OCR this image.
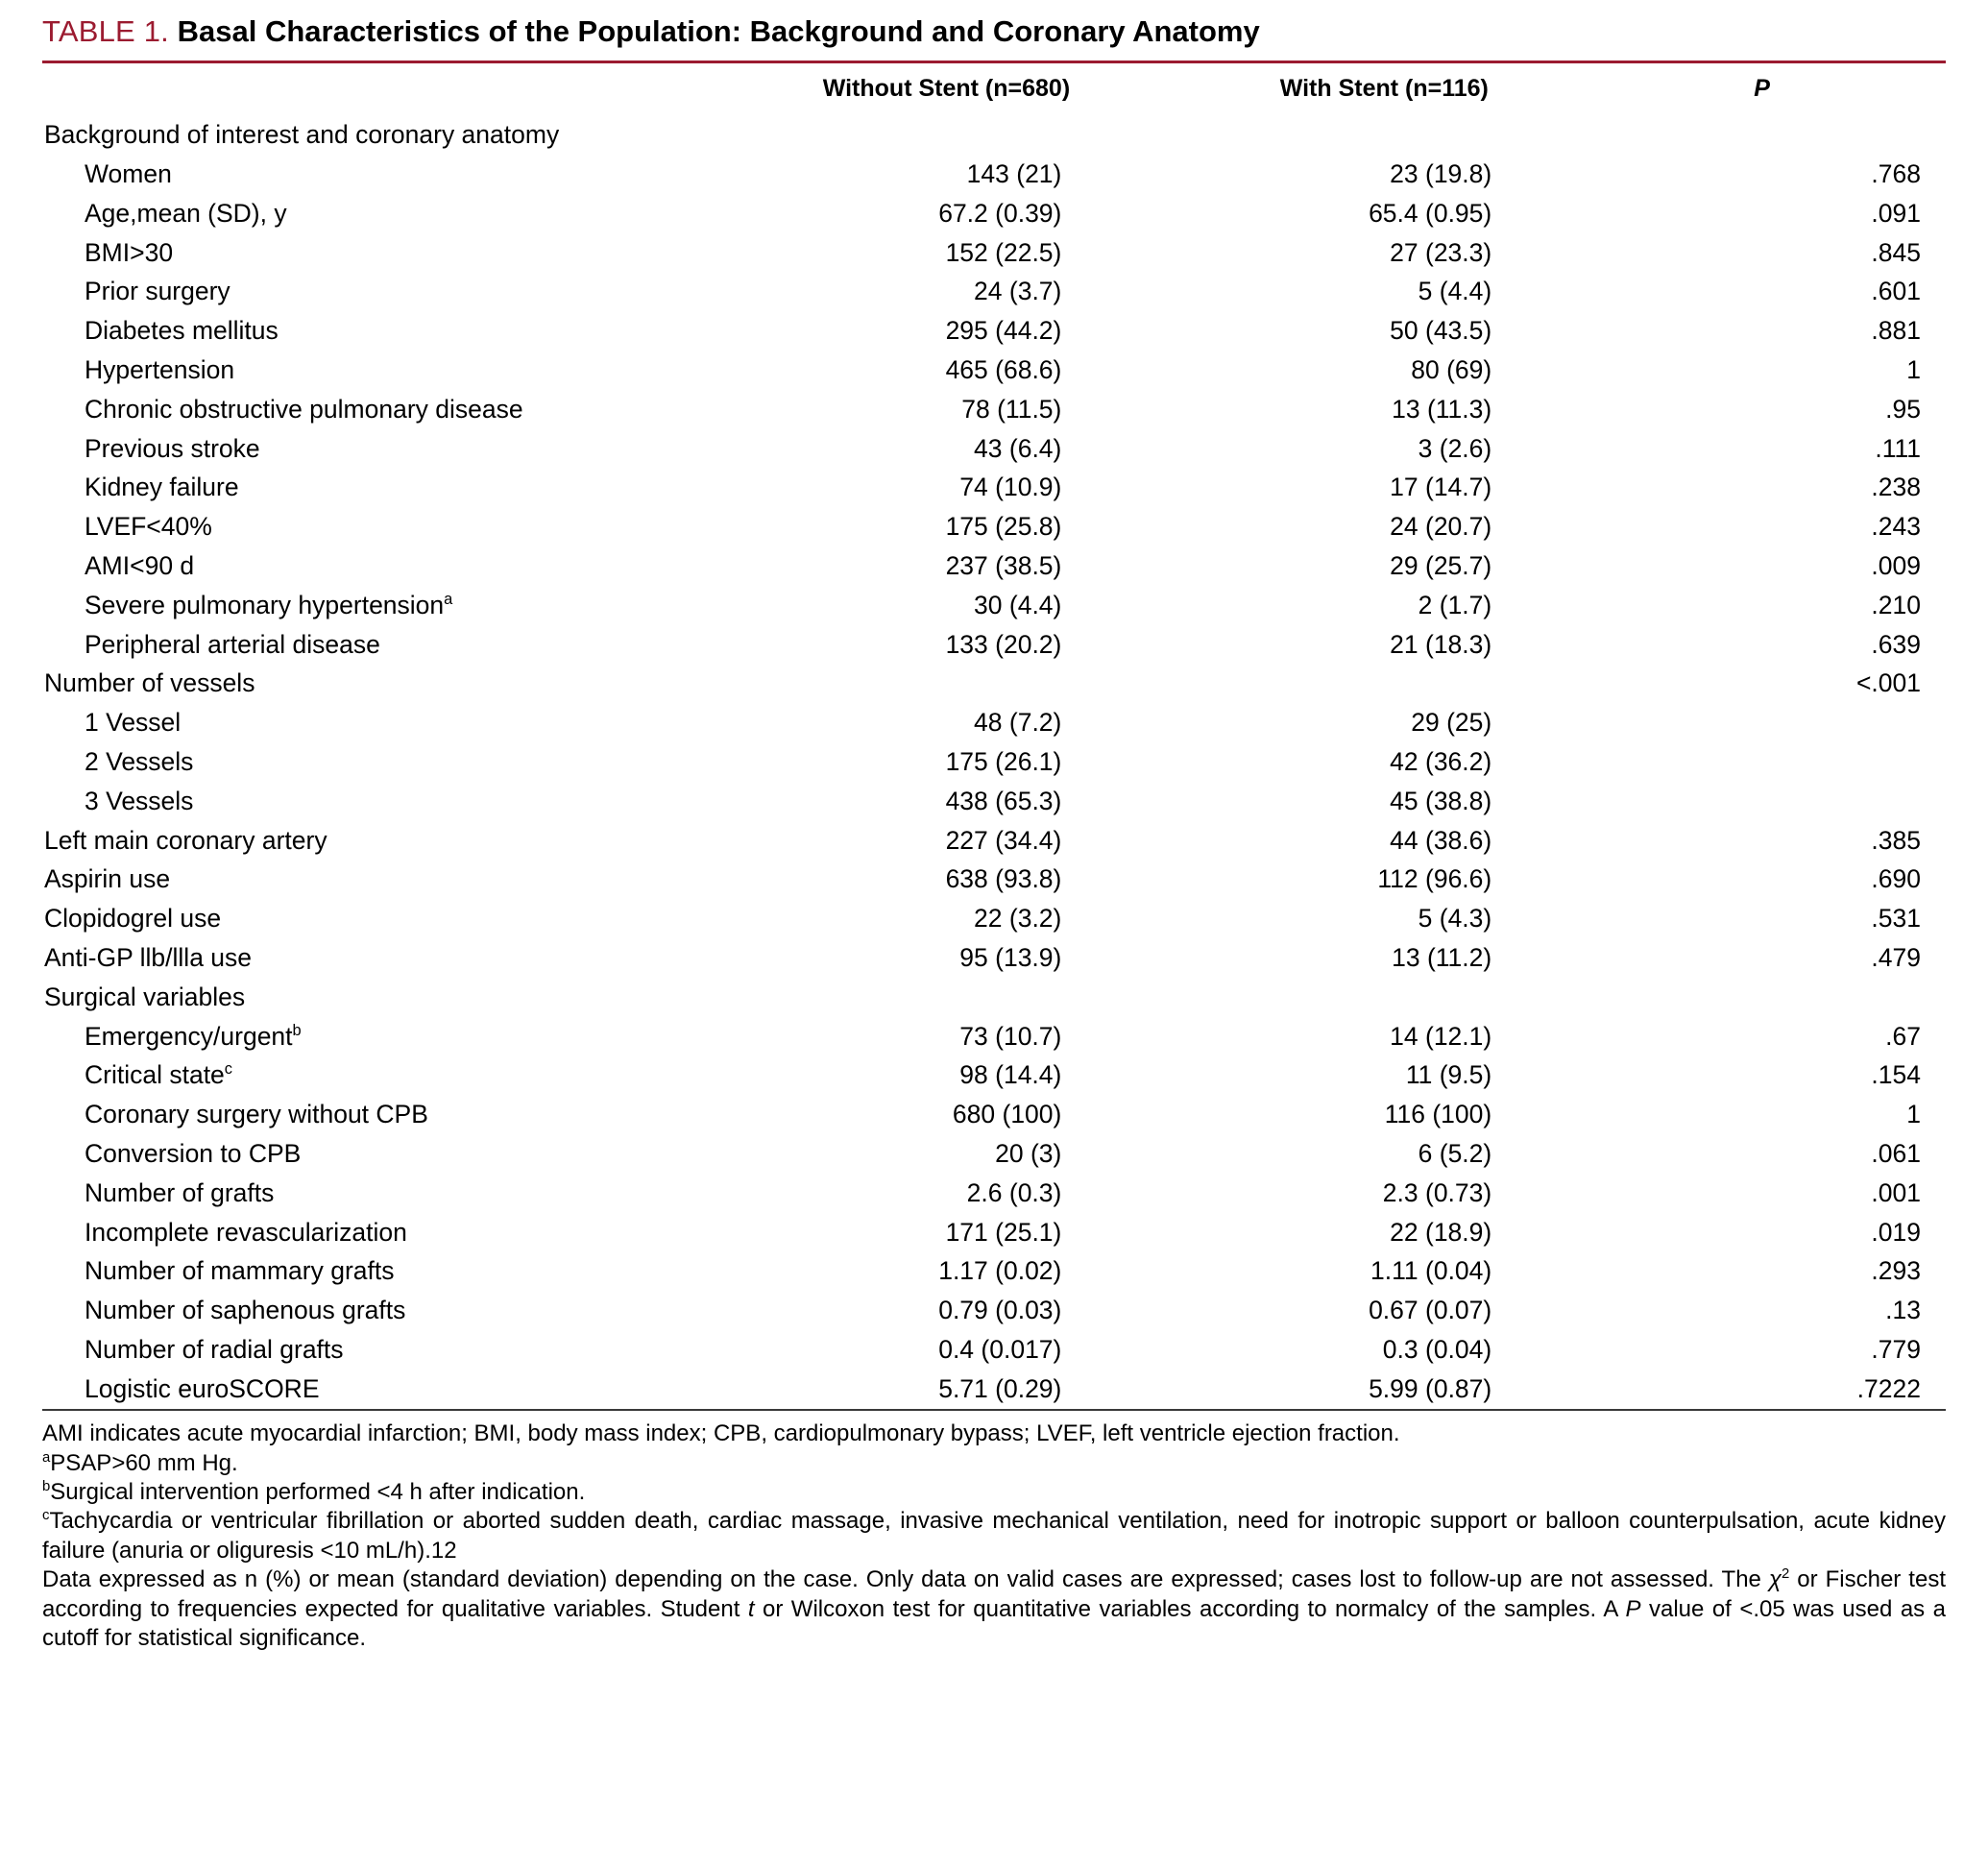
TABLE 1. Basal Characteristics of the Population: Background and Coronary Anatomy
	Without Stent (n=680)	With Stent (n=116)	P
Background of interest and coronary anatomy			
Women	143 (21)	23 (19.8)	.768
Age,mean (SD), y	67.2 (0.39)	65.4 (0.95)	.091
BMI>30	152 (22.5)	27 (23.3)	.845
Prior surgery	24 (3.7)	5 (4.4)	.601
Diabetes mellitus	295 (44.2)	50 (43.5)	.881
Hypertension	465 (68.6)	80 (69)	1
Chronic obstructive pulmonary disease	78 (11.5)	13 (11.3)	.95
Previous stroke	43 (6.4)	3 (2.6)	.111
Kidney failure	74 (10.9)	17 (14.7)	.238
LVEF<40%	175 (25.8)	24 (20.7)	.243
AMI<90 d	237 (38.5)	29 (25.7)	.009
Severe pulmonary hypertension$^a$	30 (4.4)	2 (1.7)	.210
Peripheral arterial disease	133 (20.2)	21 (18.3)	.639
Number of vessels			<.001
1 Vessel	48 (7.2)	29 (25)	
2 Vessels	175 (26.1)	42 (36.2)	
3 Vessels	438 (65.3)	45 (38.8)	
Left main coronary artery	227 (34.4)	44 (38.6)	.385
Aspirin use	638 (93.8)	112 (96.6)	.690
Clopidogrel use	22 (3.2)	5 (4.3)	.531
Anti-GP llb/llla use	95 (13.9)	13 (11.2)	.479
Surgical variables			
Emergency/urgent$^b$	73 (10.7)	14 (12.1)	.67
Critical state$^c$	98 (14.4)	11 (9.5)	.154
Coronary surgery without CPB	680 (100)	116 (100)	1
Conversion to CPB	20 (3)	6 (5.2)	.061
Number of grafts	2.6 (0.3)	2.3 (0.73)	.001
Incomplete revascularization	171 (25.1)	22 (18.9)	.019
Number of mammary grafts	1.17 (0.02)	1.11 (0.04)	.293
Number of saphenous grafts	0.79 (0.03)	0.67 (0.07)	.13
Number of radial grafts	0.4 (0.017)	0.3 (0.04)	.779
Logistic euroSCORE	5.71 (0.29)	5.99 (0.87)	.7222

AMI indicates acute myocardial infarction; BMI, body mass index; CPB, cardiopulmonary bypass; LVEF, left ventricle ejection fraction.

$^a$PSAP>60 mm Hg.

$^b$Surgical intervention performed <4 h after indication.

$^c$Tachycardia or ventricular fibrillation or aborted sudden death, cardiac massage, invasive mechanical ventilation, need for inotropic support or balloon counterpulsation, acute kidney failure (anuria or oliguresis <10 mL/h).12

Data expressed as n (%) or mean (standard deviation) depending on the case. Only data on valid cases are expressed; cases lost to follow-up are not assessed. The $\chi^2$ or Fischer test according to frequencies expected for qualitative variables. Student t or Wilcoxon test for quantitative variables according to normalcy of the samples. A P value of <.05 was used as a cutoff for statistical significance.
